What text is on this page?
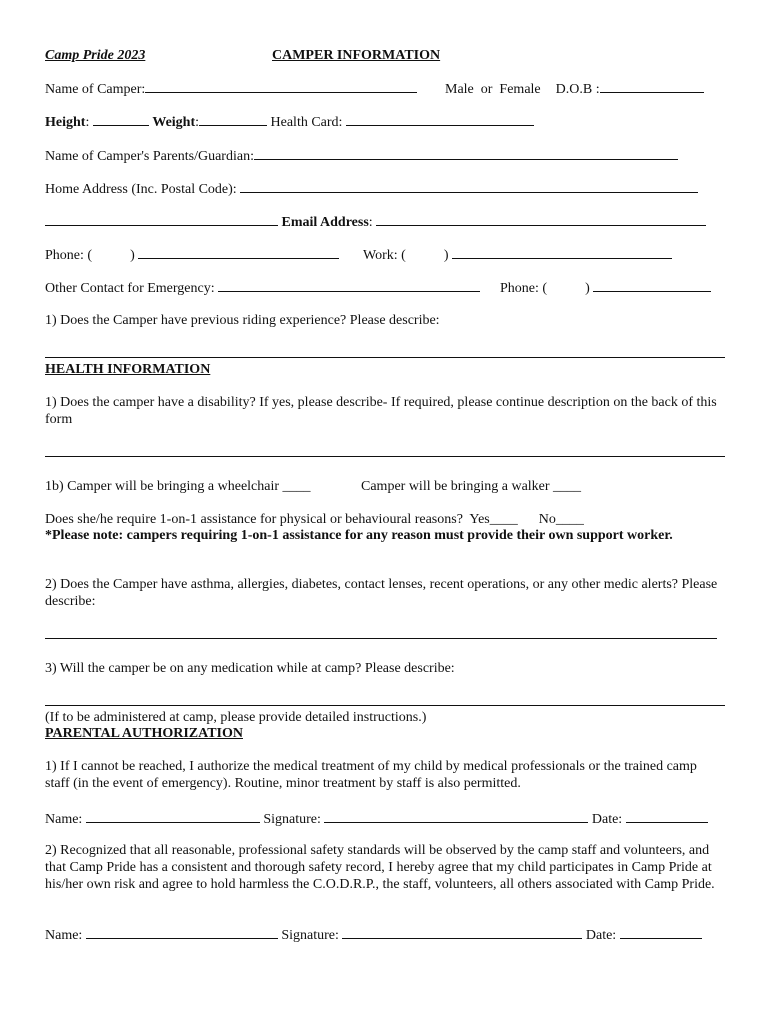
Camp Pride 2023	CAMPER INFORMATION
Name of Camper:	Male  or  Female D.O.B :
Height:	Weight:	Health Card:
Name of Camper's Parents/Guardian:
Home Address (Inc. Postal Code):
Email Address:
Phone: (	)	Work: (	)
Other Contact for Emergency:	Phone: (	)
1) Does the Camper have previous riding experience? Please describe:
HEALTH INFORMATION
1) Does the camper have a disability? If yes, please describe- If required, please continue description on the back of this form
1b) Camper will be bringing a wheelchair ____	Camper will be bringing a walker ____
Does she/he require 1-on-1 assistance for physical or behavioural reasons?  Yes____      No____
*Please note: campers requiring 1-on-1 assistance for any reason must provide their own support worker.
2) Does the Camper have asthma, allergies, diabetes, contact lenses, recent operations, or any other medic alerts? Please describe:
3) Will the camper be on any medication while at camp? Please describe:
(If to be administered at camp, please provide detailed instructions.)
PARENTAL AUTHORIZATION
1) If I cannot be reached, I authorize the medical treatment of my child by medical professionals or the trained camp staff (in the event of emergency). Routine, minor treatment by staff is also permitted.
Name:	Signature:	Date:
2) Recognized that all reasonable, professional safety standards will be observed by the camp staff and volunteers, and that Camp Pride has a consistent and thorough safety record, I hereby agree that my child participates in Camp Pride at his/her own risk and agree to hold harmless the C.O.D.R.P., the staff, volunteers, all others associated with Camp Pride.
Name:	Signature:	Date:
